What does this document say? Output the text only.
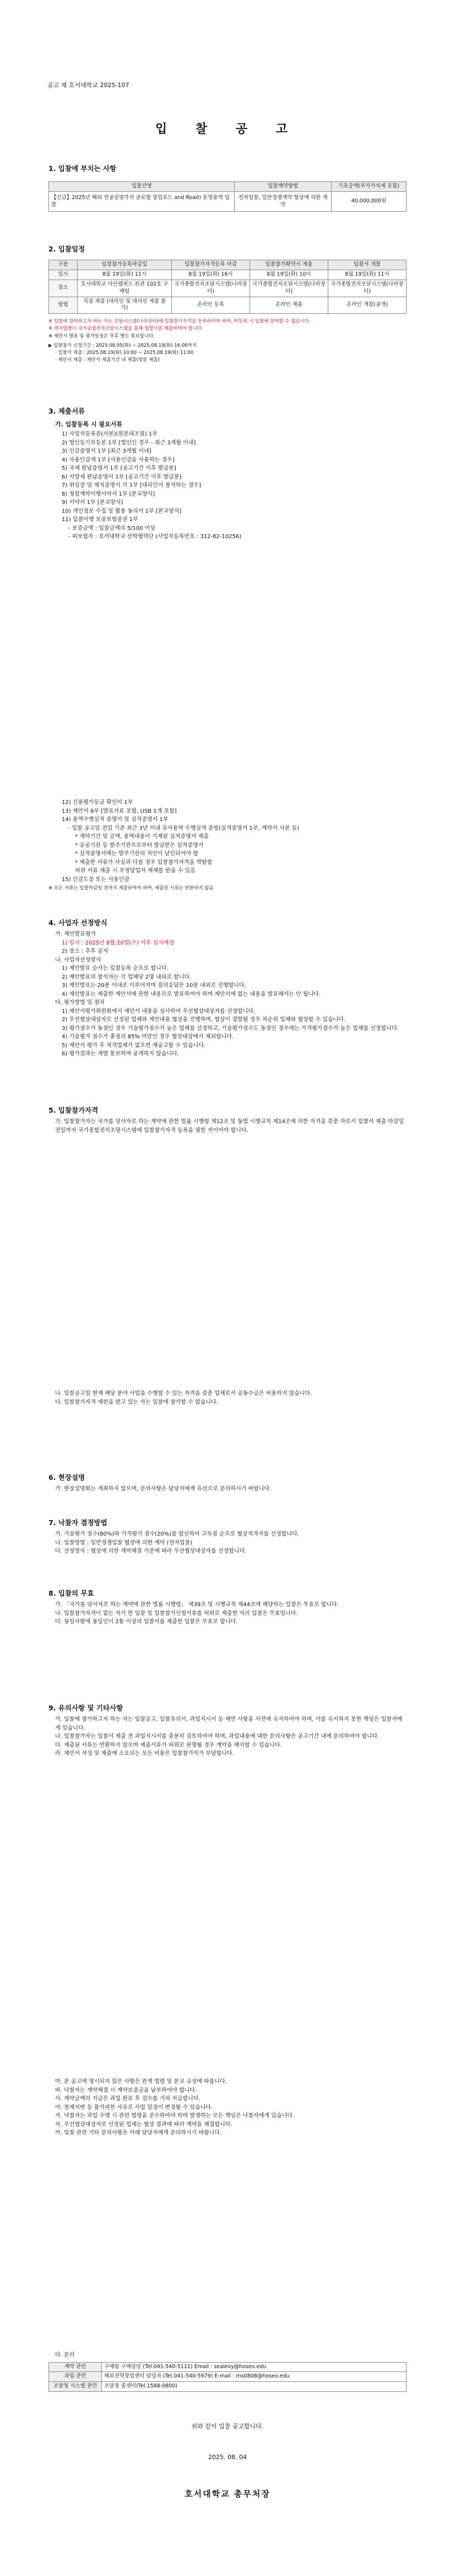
공고 제 호서대학교 2025-107
입 찰 공 고
1. 입찰에 부치는 사항
입찰건명	입찰계약방법	기초금액(부가가치세 포함)
【긴급】2025년 해외 전공설명가지 글로벌 창업로드 and Road) 운영용역 입찰	전자입찰, 일반경쟁계약 협상에 의한 계약	40,000,000원
2. 입찰일정
구분	입찰참가등록마감일	입찰참가자격등록 마감	입찰참가확약서 제출	입찰서 개찰
일시	8월 19일(화) 11시	8월 19일(화) 16시	8월 19일(화) 10시	8월 19일(화) 11시
장소	호서대학교 아산캠퍼스 본관 102호 구매팀	국가종합전자조달시스템(나라장터)	국가종합전자조달시스템(나라장터)	국가종합전자조달시스템(나라장터)
방법	직접 제출 (대리인 및 대리인 제출 불가)	온라인 등록	온라인 제출	온라인 개찰(공개)
※ 입찰에 참여하고자 하는 자는 조달시스템(나라장터)에 입찰참가자격을 등록하여야 하며, 미등록 시 입찰에 참여할 수 없습니다.
※ 전자입찰시 국가종합전자조달시스템을 통해 입찰서를 제출하여야 합니다.
※ 제안서 발표 및 평가일정은 추후 별도 통보합니다.
▶ 입찰참가 신청기간 : 2025.08.05(화) ~ 2025.08.19(화) 16:00까지
· 입찰서 제출 : 2025.08.19(화) 10:00 ~ 2025.08.19(화) 11:00
· 제안서 제출 : 제안서 제출기간 내 제출(방문 제출)
3. 제출서류
가. 입찰등록 시 필요서류
1) 사업자등록증(사본)(원본대조필) 1부
2) 법인등기부등본 1부 [법인인 경우 - 최근 3개월 이내]
3) 인감증명서 1부 [최근 3개월 이내]
4) 사용인감계 1부 [사용인감을 사용하는 경우]
5) 국세 완납증명서 1부 [공고기간 이후 발급분]
6) 지방세 완납증명서 1부 [공고기간 이후 발급분]
7) 위임장 및 재직증명서 각 1부 [대리인이 참석하는 경우]
8) 청렴계약이행서약서 1부 [본교양식]
9) 서약서 1부 [본교양식]
10) 개인정보 수집 및 활용 동의서 1부 [본교양식]
11) 입찰이행 보증보험증권 1부
- 보증금액 : 입찰금액의 5/100 이상
- 피보험자 : 호서대학교 산학협력단 (사업자등록번호 : 312-82-10256)
12) 신용평가등급 확인서 1부
13) 제안서 6부 [발표자료 포함, USB 1개 포함]
14) 용역수행실적 증명서 및 실적증명서 1부
· 입찰 공고일 전일 기준 최근 3년 이내 유사용역 수행실적 증빙(실적증명서 1부, 계약서 사본 등)
* 계약기간 및 금액, 용역내용이 기재된 실적증명서 제출
* 공공기관 등 발주기관으로부터 발급받은 실적증명서
* 실적증명서에는 발주기관의 직인이 날인되어야 함
* 제출한 서류가 사실과 다를 경우 입찰참가자격을 박탈함
허위 서류 제출 시 부정당업자 제재를 받을 수 있음
15) 인감도장 또는 사용인감
※ 모든 서류는 입찰마감일 전까지 제출하여야 하며, 제출된 서류는 반환하지 않음
4. 사업자 선정방식
가. 제안발표평가
1) 일시 : 2025년 8월 20일(수) 이후 실시예정
2) 장소 : 추후 공지
나. 사업자선정방식
1) 제안발표 순서는 입찰등록 순으로 합니다.
2) 제안발표의 참석자는 각 업체당 2명 내외로 합니다.
3) 제안발표는 20분 이내로 이루어지며 질의응답은 10분 내외로 진행합니다.
4) 제안발표는 제출한 제안서에 관한 내용으로 발표하여야 하며 제안서에 없는 내용을 발표해서는 안 됩니다.
다. 평가방법 및 절차
1) 제안서평가위원회에서 제안서 내용을 심사하여 우선협상대상자를 선정합니다.
2) 우선협상대상자로 선정된 업체와 제안내용 협상을 진행하며, 협상이 결렬될 경우 차순위 업체와 협상할 수 있습니다.
3) 평가점수가 동점인 경우 기술평가점수가 높은 업체를 선정하고, 기술평가점수도 동점인 경우에는 가격평가점수가 높은 업체를 선정합니다.
4) 기술평가 점수가 총점의 85% 미만인 경우 협상대상에서 제외합니다.
5) 제안서 평가 후 적격업체가 없으면 재공고할 수 있습니다.
6) 평가결과는 개별 통보하며 공개하지 않습니다.
5. 입찰참가자격
가. 입찰참가자는 국가를 당사자로 하는 계약에 관한 법률 시행령 제12조 및 동법 시행규칙 제14조에 의한 자격을 갖춘 자로서 입찰서 제출 마감일 전일까지 국가종합전자조달시스템에 입찰참가자격 등록을 필한 자이어야 합니다.
나. 입찰공고일 현재 해당 분야 사업을 수행할 수 있는 자격을 갖춘 업체로서 공동수급은 허용하지 않습니다.
다. 입찰참가자격 제한을 받고 있는 자는 입찰에 참가할 수 없습니다.
6. 현장설명
가. 현장설명회는 개최하지 않으며, 문의사항은 담당자에게 유선으로 문의하시기 바랍니다.
7. 낙찰자 결정방법
가. 기술평가 점수(80%)와 가격평가 점수(20%)를 합산하여 고득점 순으로 협상적격자를 선정합니다.
나. 입찰방법 : 일반경쟁입찰 협상에 의한 계약 (전자입찰)
다. 선정방식 : 협상에 의한 계약체결 기준에 따라 우선협상대상자를 선정합니다.
8. 입찰의 무효
가. 「국가를 당사자로 하는 계약에 관한 법률 시행령」 제39조 및 시행규칙 제44조에 해당하는 입찰은 무효로 합니다.
나. 입찰참가자격이 없는 자가 한 입찰 및 입찰참가신청서류를 허위로 제출한 자의 입찰은 무효입니다.
다. 동일사항에 동일인이 2통 이상의 입찰서를 제출한 입찰은 무효로 합니다.
9. 유의사항 및 기타사항
가. 입찰에 참가하고자 하는 자는 입찰공고, 입찰유의서, 과업지시서 등 제반 사항을 사전에 숙지하여야 하며, 이를 숙지하지 못한 책임은 입찰자에게 있습니다.
나. 입찰참가자는 입찰서 제출 전 과업지시서를 충분히 검토하여야 하며, 과업내용에 대한 문의사항은 공고기간 내에 문의하여야 합니다.
다. 제출된 서류는 반환하지 않으며 제출서류가 허위로 판명될 경우 계약을 해지할 수 있습니다.
라. 제안서 작성 및 제출에 소요되는 모든 비용은 입찰참가자가 부담합니다.
마. 본 공고에 명시되지 않은 사항은 관계 법령 및 본교 규정에 따릅니다.
바. 낙찰자는 계약체결 시 계약보증금을 납부하여야 합니다.
사. 계약금액의 지급은 과업 완료 후 검수를 거쳐 지급합니다.
아. 천재지변 등 불가피한 사유로 사업 일정이 변경될 수 있습니다.
자. 낙찰자는 과업 수행 시 관련 법령을 준수하여야 하며 발생하는 모든 책임은 낙찰자에게 있습니다.
차. 우선협상대상자로 선정된 업체는 협상 결과에 따라 계약을 체결합니다.
카. 입찰 관련 기타 문의사항은 아래 담당자에게 문의하시기 바랍니다.
타. 문의
계약 관련	구매팀 구매담당 (Tel.041-540-5111) Email : sealevy@hoseo.edu
과업 관련	해외전략창업센터 담당자 (Tel.041-540-5979) E-mail : ms0808@hoseo.edu
조달청 시스템 관련	조달청 콜센터(Tel.1588-0800)
위와 같이 입찰 공고합니다.
2025. 08. 04
호서대학교 총무처장
